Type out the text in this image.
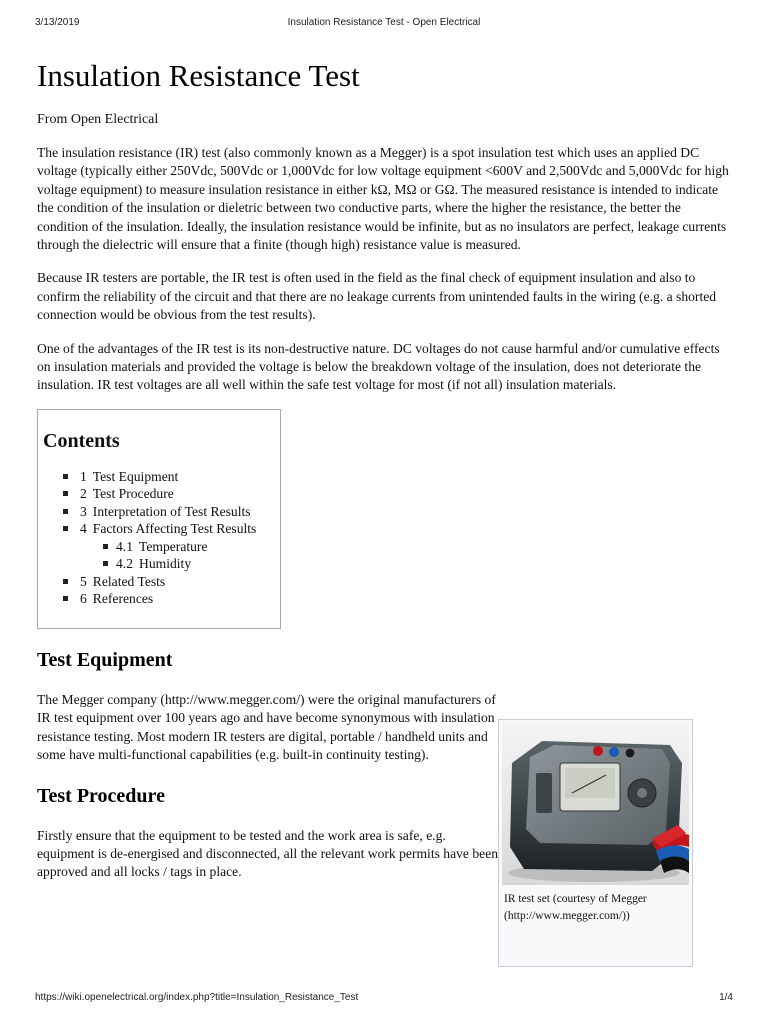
3/13/2019	Insulation Resistance Test - Open Electrical
Insulation Resistance Test
From Open Electrical

The insulation resistance (IR) test (also commonly known as a Megger) is a spot insulation test which uses an applied DC voltage (typically either 250Vdc, 500Vdc or 1,000Vdc for low voltage equipment <600V and 2,500Vdc and 5,000Vdc for high voltage equipment) to measure insulation resistance in either kΩ, MΩ or GΩ. The measured resistance is intended to indicate the condition of the insulation or dieletric between two conductive parts, where the higher the resistance, the better the condition of the insulation. Ideally, the insulation resistance would be infinite, but as no insulators are perfect, leakage currents through the dielectric will ensure that a finite (though high) resistance value is measured.

Because IR testers are portable, the IR test is often used in the field as the final check of equipment insulation and also to confirm the reliability of the circuit and that there are no leakage currents from unintended faults in the wiring (e.g. a shorted connection would be obvious from the test results).

One of the advantages of the IR test is its non-destructive nature. DC voltages do not cause harmful and/or cumulative effects on insulation materials and provided the voltage is below the breakdown voltage of the insulation, does not deteriorate the insulation. IR test voltages are all well within the safe test voltage for most (if not all) insulation materials.

Contents
1 Test Equipment
2 Test Procedure
3 Interpretation of Test Results
4 Factors Affecting Test Results
4.1 Temperature
4.2 Humidity
5 Related Tests
6 References
Test Equipment

The Megger company (http://www.megger.com/) were the original manufacturers of IR test equipment over 100 years ago and have become synonymous with insulation resistance testing. Most modern IR testers are digital, portable / handheld units and some have multi-functional capabilities (e.g. built-in continuity testing).

Test Procedure

Firstly ensure that the equipment to be tested and the work area is safe, e.g. equipment is de-energised and disconnected, all the relevant work permits have been approved and all locks / tags in place.

IR test set (courtesy of Megger (http://www.megger.com/))
https://wiki.openelectrical.org/index.php?title=Insulation_Resistance_Test	1/4
